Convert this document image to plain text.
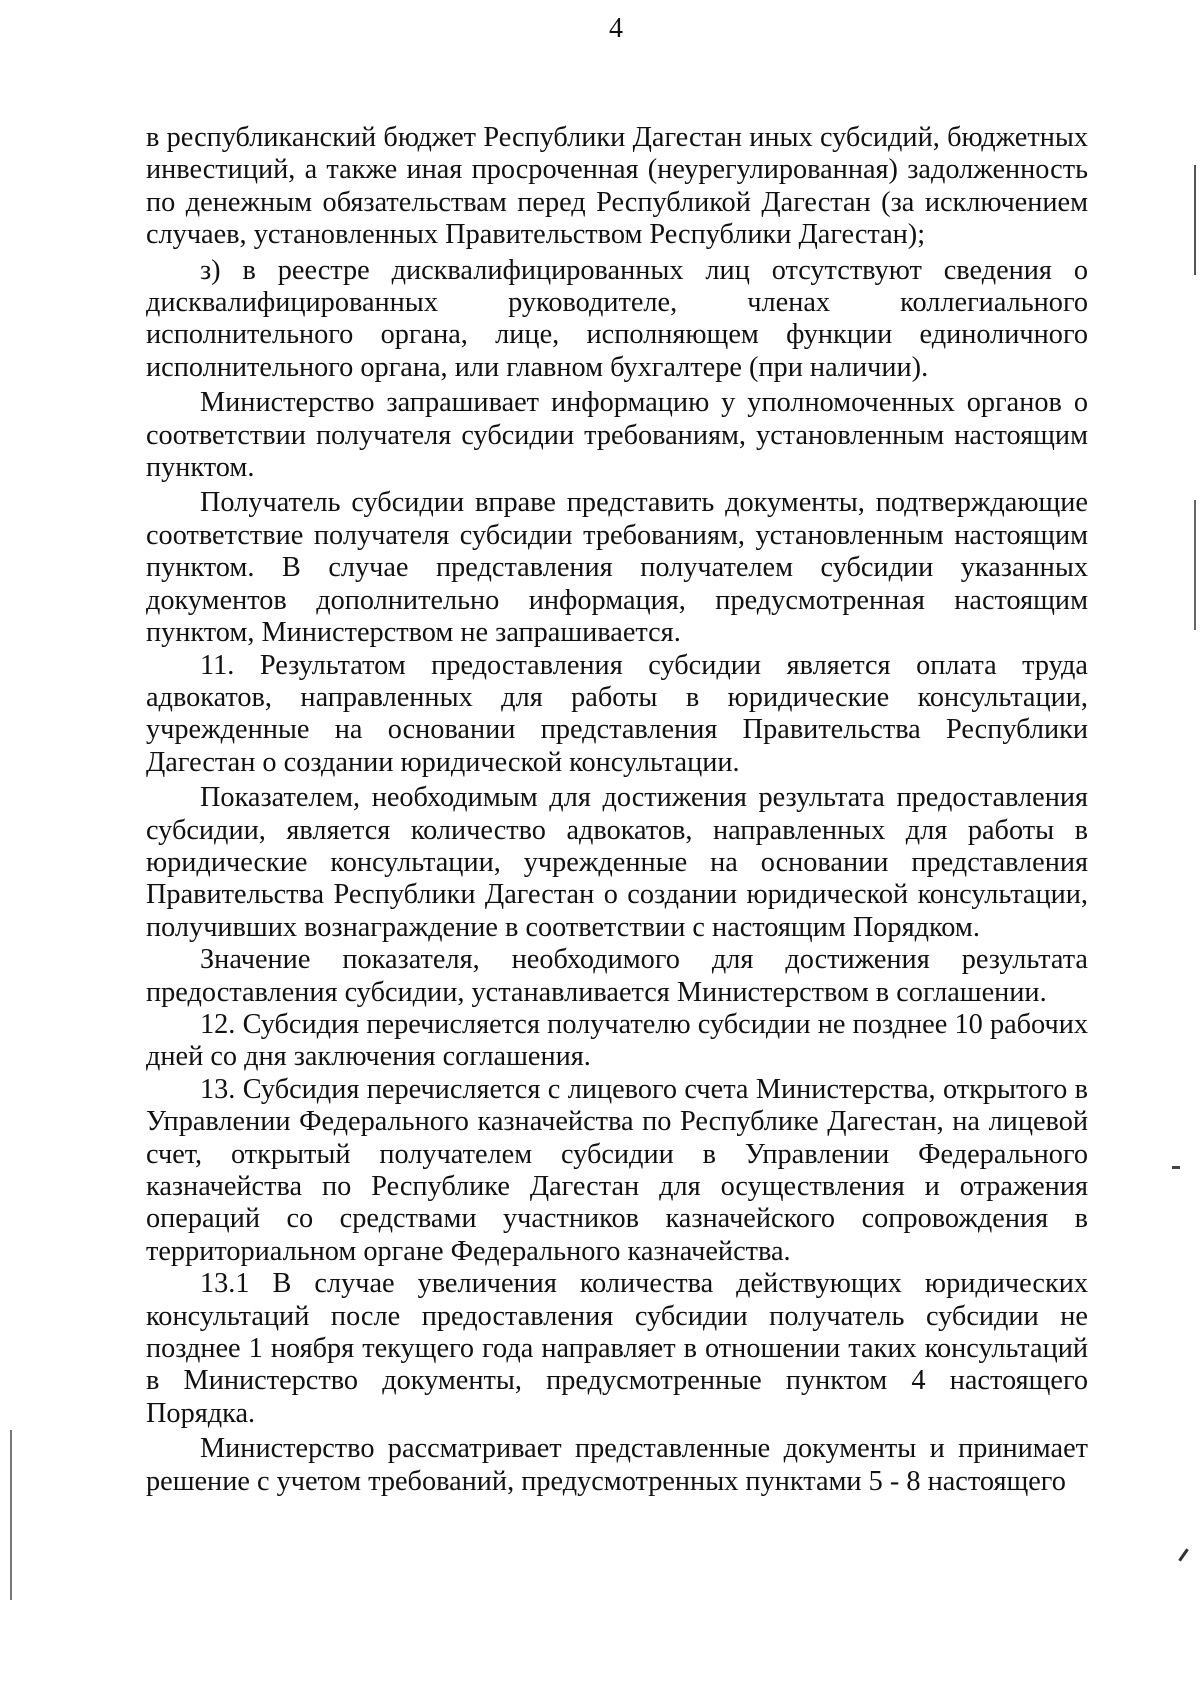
4

в республиканский бюджет Республики Дагестан иных субсидий, бюджетных инвестиций, а также иная просроченная (неурегулированная) задолженность по денежным обязательствам перед Республикой Дагестан (за исключением случаев, установленных Правительством Республики Дагестан);

з) в реестре дисквалифицированных лиц отсутствуют сведения о дисквалифицированных руководителе, членах коллегиального исполнительного органа, лице, исполняющем функции единоличного исполнительного органа, или главном бухгалтере (при наличии).

Министерство запрашивает информацию у уполномоченных органов о соответствии получателя субсидии требованиям, установленным настоящим пунктом.

Получатель субсидии вправе представить документы, подтверждающие соответствие получателя субсидии требованиям, установленным настоящим пунктом. В случае представления получателем субсидии указанных документов дополнительно информация, предусмотренная настоящим пунктом, Министерством не запрашивается.

11. Результатом предоставления субсидии является оплата труда адвокатов, направленных для работы в юридические консультации, учрежденные на основании представления Правительства Республики Дагестан о создании юридической консультации.

Показателем, необходимым для достижения результата предоставления субсидии, является количество адвокатов, направленных для работы в юридические консультации, учрежденные на основании представления Правительства Республики Дагестан о создании юридической консультации, получивших вознаграждение в соответствии с настоящим Порядком.

Значение показателя, необходимого для достижения результата предоставления субсидии, устанавливается Министерством в соглашении.

12. Субсидия перечисляется получателю субсидии не позднее 10 рабочих дней со дня заключения соглашения.

13. Субсидия перечисляется с лицевого счета Министерства, открытого в Управлении Федерального казначейства по Республике Дагестан, на лицевой счет, открытый получателем субсидии в Управлении Федерального казначейства по Республике Дагестан для осуществления и отражения операций со средствами участников казначейского сопровождения в территориальном органе Федерального казначейства.

13.1 В случае увеличения количества действующих юридических консультаций после предоставления субсидии получатель субсидии не позднее 1 ноября текущего года направляет в отношении таких консультаций в Министерство документы, предусмотренные пунктом 4 настоящего Порядка.

Министерство рассматривает представленные документы и принимает решение с учетом требований, предусмотренных пунктами 5 - 8 настоящего
